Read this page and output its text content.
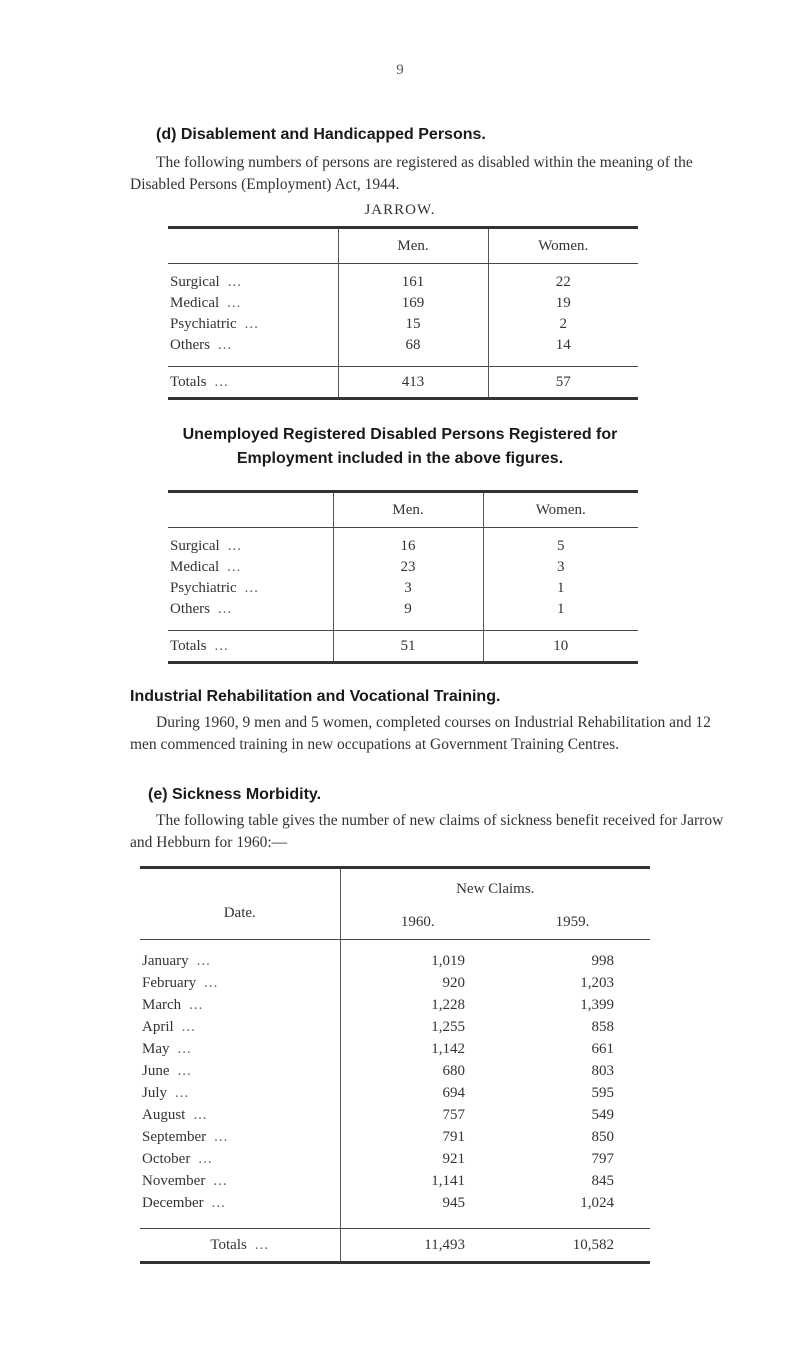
9
(d) Disablement and Handicapped Persons.
The following numbers of persons are registered as disabled within the meaning of the Disabled Persons (Employment) Act, 1944.
JARROW.
	Men.	Women.

Surgical ...	161	22
Medical ...	169	19
Psychiatric ...	15	2
Others ...	68	14

Totals ...	413	57
Unemployed Registered Disabled Persons Registered for
Employment included in the above figures.
	Men.	Women.

Surgical ...	16	5
Medical ...	23	3
Psychiatric ...	3	1
Others ...	9	1

Totals ...	51	10
Industrial Rehabilitation and Vocational Training.
During 1960, 9 men and 5 women, completed courses on Industrial Rehabilitation and 12 men commenced training in new occupations at Government Training Centres.
(e) Sickness Morbidity.
The following table gives the number of new claims of sickness benefit received for Jarrow and Hebburn for 1960:—
Date.	New Claims.	
	1960.	1959.

January ...	1,019	998
February ...	920	1,203
March ...	1,228	1,399
April ...	1,255	858
May ...	1,142	661
June ...	680	803
July ...	694	595
August ...	757	549
September ...	791	850
October ...	921	797
November ...	1,141	845
December ...	945	1,024

Totals ...	11,493	10,582
